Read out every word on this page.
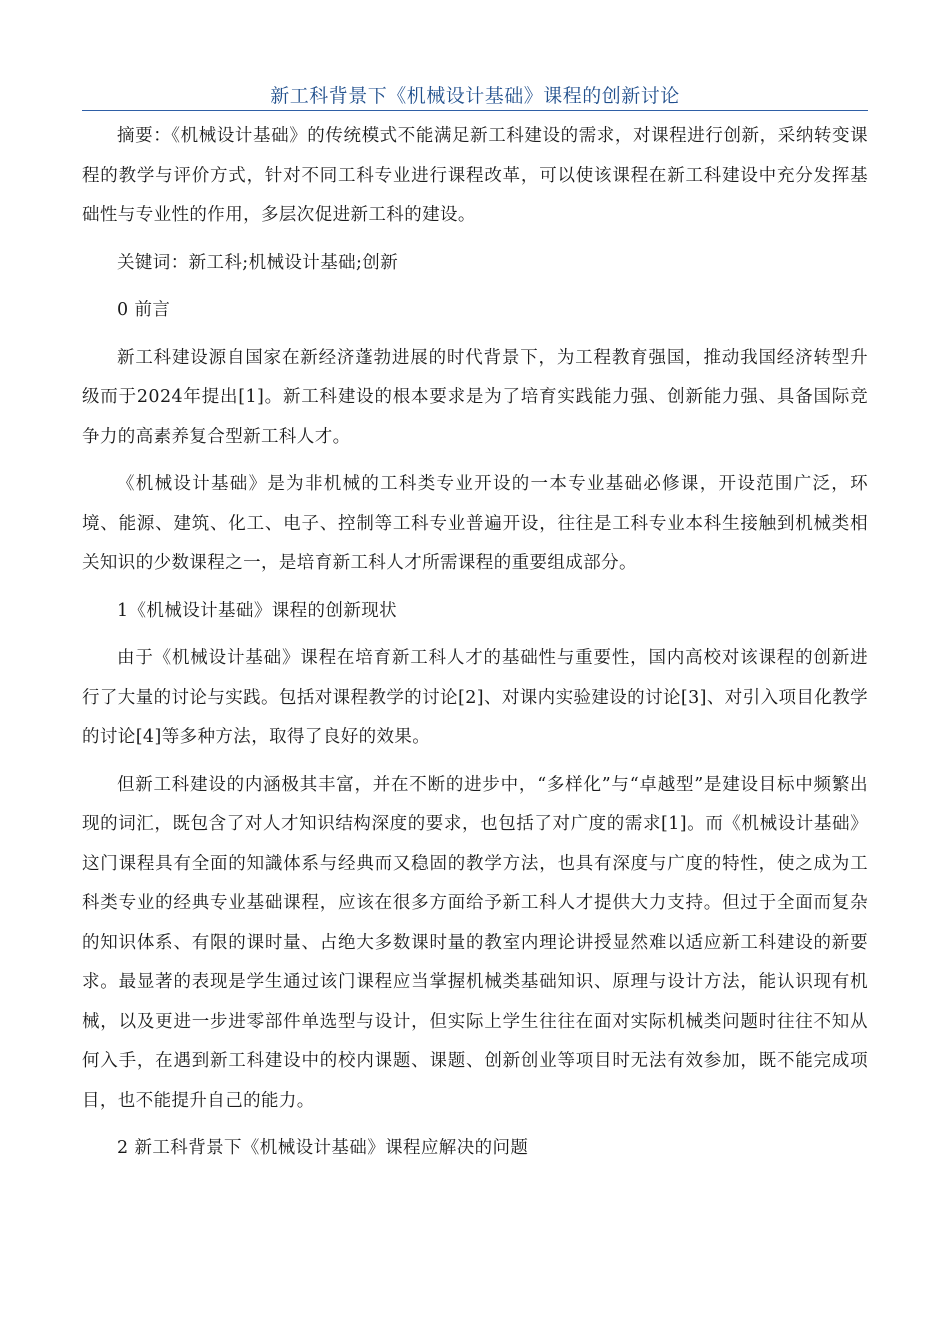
新工科背景下《机械设计基础》课程的创新讨论

摘要：《机械设计基础》的传统模式不能满足新工科建设的需求，对课程进行创新，采纳转变课程的教学与评价方式，针对不同工科专业进行课程改革，可以使该课程在新工科建设中充分发挥基础性与专业性的作用，多层次促进新工科的建设。

关键词：新工科;机械设计基础;创新

0 前言

新工科建设源自国家在新经济蓬勃进展的时代背景下，为工程教育强国，推动我国经济转型升级而于2024年提出[1]。新工科建设的根本要求是为了培育实践能力强、创新能力强、具备国际竞争力的高素养复合型新工科人才。

《机械设计基础》是为非机械的工科类专业开设的一本专业基础必修课，开设范围广泛，环境、能源、建筑、化工、电子、控制等工科专业普遍开设，往往是工科专业本科生接触到机械类相关知识的少数课程之一，是培育新工科人才所需课程的重要组成部分。

1《机械设计基础》课程的创新现状

由于《机械设计基础》课程在培育新工科人才的基础性与重要性，国内高校对该课程的创新进行了大量的讨论与实践。包括对课程教学的讨论[2]、对课内实验建设的讨论[3]、对引入项目化教学的讨论[4]等多种方法，取得了良好的效果。

但新工科建设的内涵极其丰富，并在不断的进步中，“多样化”与“卓越型”是建设目标中频繁出现的词汇，既包含了对人才知识结构深度的要求，也包括了对广度的需求[1]。而《机械设计基础》这门课程具有全面的知識体系与经典而又稳固的教学方法，也具有深度与广度的特性，使之成为工科类专业的经典专业基础课程，应该在很多方面给予新工科人才提供大力支持。但过于全面而复杂的知识体系、有限的课时量、占绝大多数课时量的教室内理论讲授显然难以适应新工科建设的新要求。最显著的表现是学生通过该门课程应当掌握机械类基础知识、原理与设计方法，能认识现有机械，以及更进一步进零部件单选型与设计，但实际上学生往往在面对实际机械类问题时往往不知从何入手，在遇到新工科建设中的校内课题、课题、创新创业等项目时无法有效参加，既不能完成项目，也不能提升自己的能力。

2 新工科背景下《机械设计基础》课程应解决的问题
